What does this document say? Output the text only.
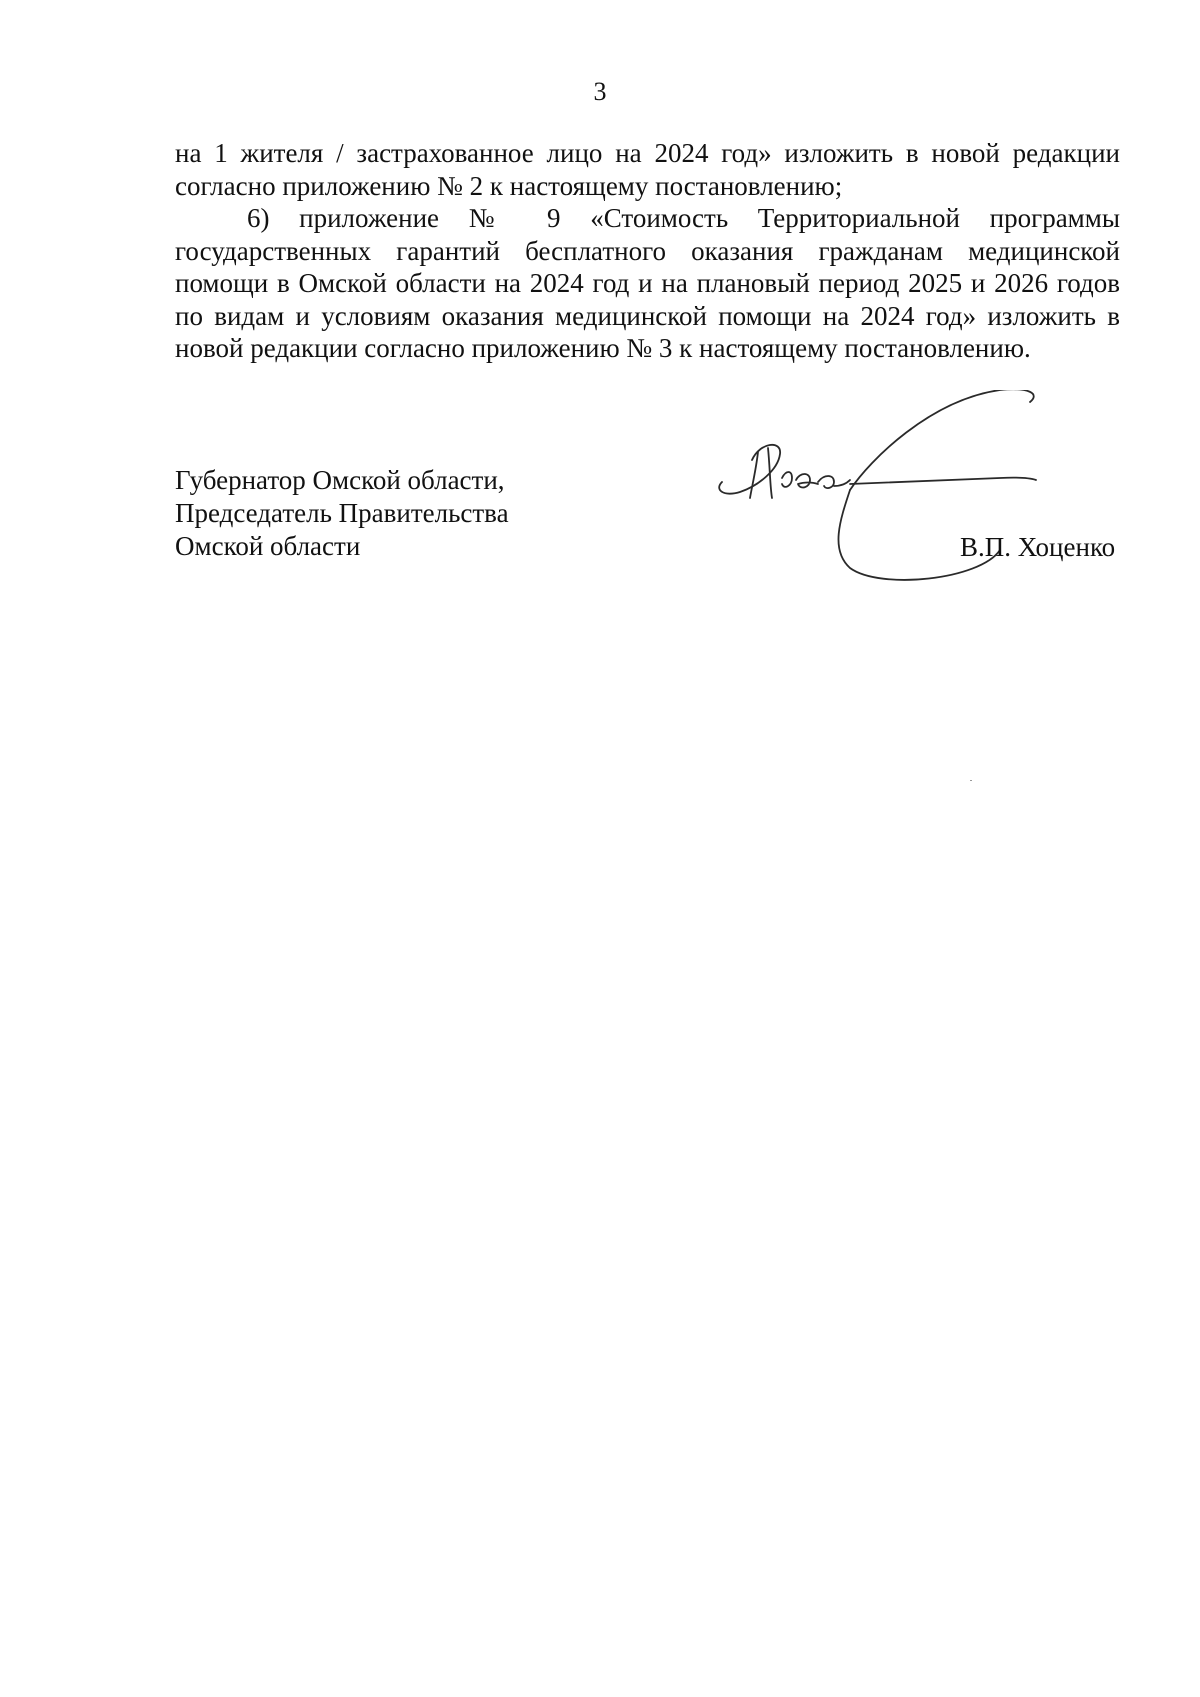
3

на 1 жителя / застрахованное лицо на 2024 год» изложить в новой редакции согласно приложению № 2 к настоящему постановлению;

6) приложение № 9 «Стоимость Территориальной программы государственных гарантий бесплатного оказания гражданам медицинской помощи в Омской области на 2024 год и на плановый период 2025 и 2026 годов по видам и условиям оказания медицинской помощи на 2024 год» изложить в новой редакции согласно приложению № 3 к настоящему постановлению.

Губернатор Омской области,
Председатель Правительства
Омской области	В.П. Хоценко
